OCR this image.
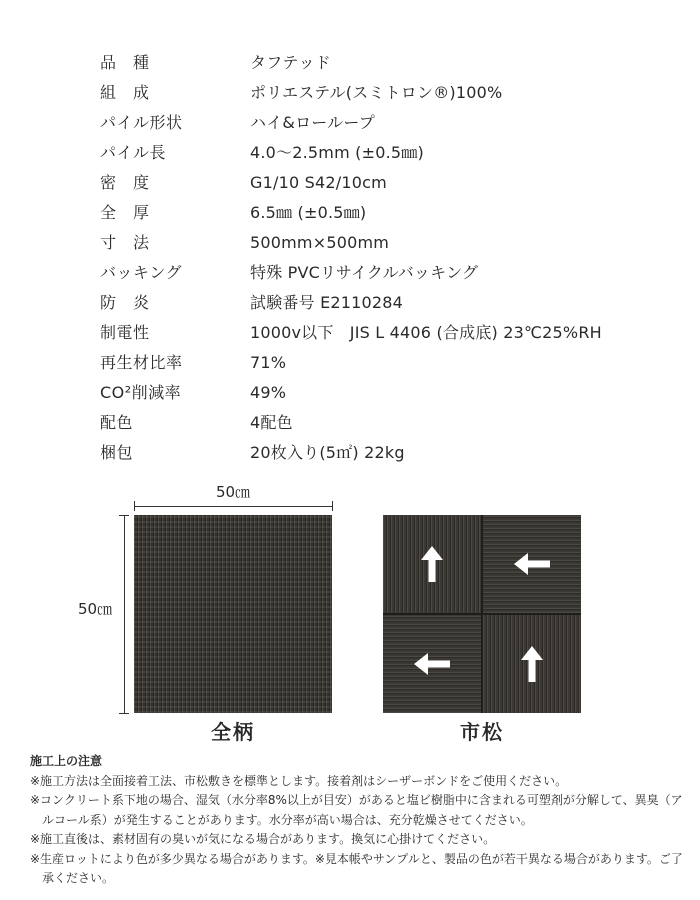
品　種	タフテッド
組　成	ポリエステル(スミトロン®)100%
パイル形状	ハイ&ローループ
パイル長	4.0〜2.5mm (±0.5㎜)
密　度	G1/10 S42/10cm
全　厚	6.5㎜ (±0.5㎜)
寸　法	500mm×500mm
バッキング	特殊 PVCリサイクルバッキング
防　炎	試験番号 E2110284
制電性	1000v以下　JIS L 4406 (合成底) 23℃25%RH
再生材比率	71%
CO²削減率	49%
配色	4配色
梱包	20枚入り(5㎡) 22kg
50㎝
50㎝
全柄	市松
施工上の注意

※施工方法は全面接着工法、市松敷きを標準とします。接着剤はシーザーボンドをご使用ください。

※コンクリート系下地の場合、湿気（水分率8%以上が目安）があると塩ビ樹脂中に含まれる可塑剤が分解して、異臭（アルコール系）が発生することがあります。水分率が高い場合は、充分乾燥させてください。

※施工直後は、素材固有の臭いが気になる場合があります。換気に心掛けてください。

※生産ロットにより色が多少異なる場合があります。※見本帳やサンプルと、製品の色が若干異なる場合があります。ご了承ください。
